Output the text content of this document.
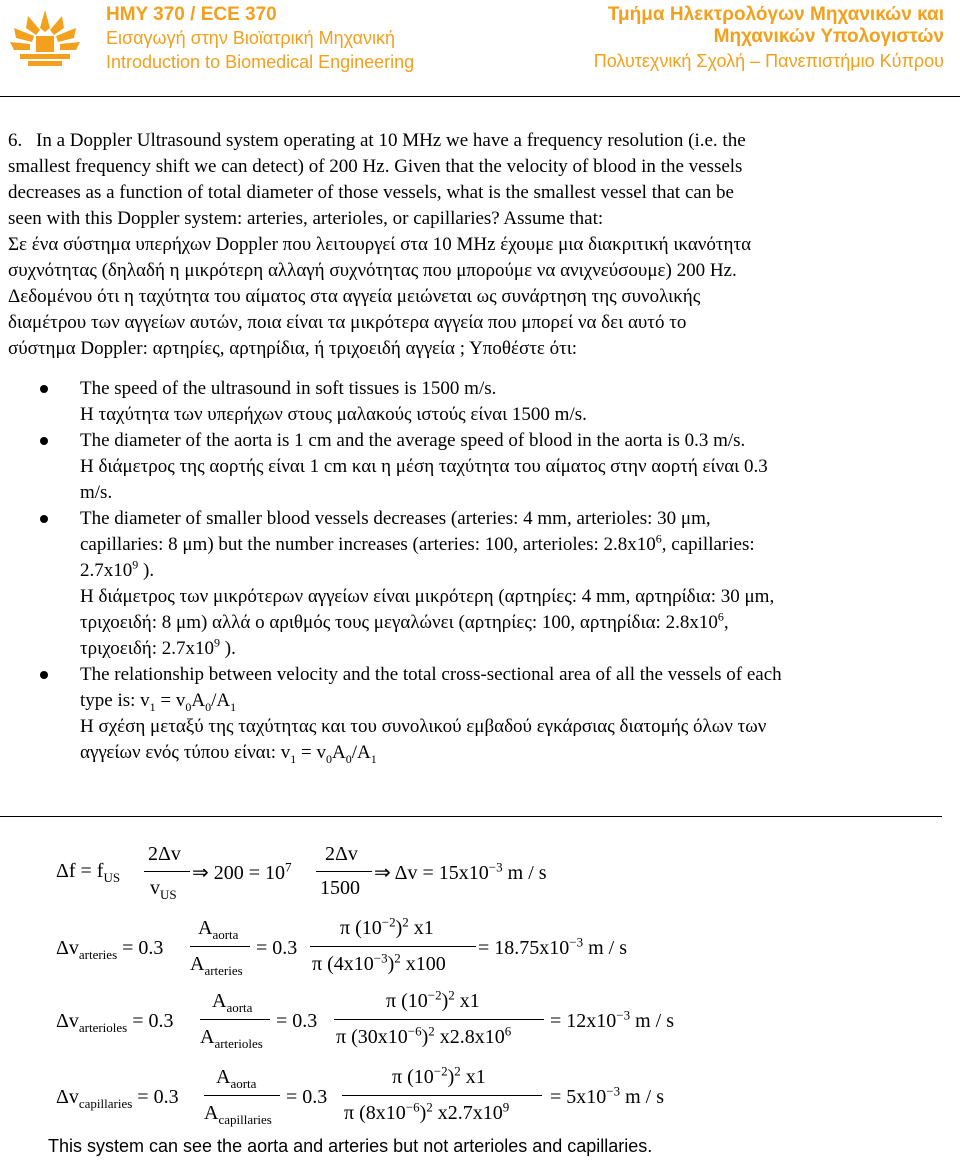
HMY 370 / ECE 370
Εισαγωγή στην Βιοϊατρική Μηχανική
Introduction to Biomedical Engineering
Τμήμα Ηλεκτρολόγων Μηχανικών και
Μηχανικών Υπολογιστών
Πολυτεχνική Σχολή – Πανεπιστήμιο Κύπρου

6. In a Doppler Ultrasound system operating at 10 MHz we have a frequency resolution (i.e. the

smallest frequency shift we can detect) of 200 Hz. Given that the velocity of blood in the vessels

decreases as a function of total diameter of those vessels, what is the smallest vessel that can be

seen with this Doppler system: arteries, arterioles, or capillaries? Assume that:

Σε ένα σύστημα υπερήχων Doppler που λειτουργεί στα 10 MHz έχουμε μια διακριτική ικανότητα

συχνότητας (δηλαδή η μικρότερη αλλαγή συχνότητας που μπορούμε να ανιχνεύσουμε) 200 Hz.

Δεδομένου ότι η ταχύτητα του αίματος στα αγγεία μειώνεται ως συνάρτηση της συνολικής

διαμέτρου των αγγείων αυτών, ποια είναι τα μικρότερα αγγεία που μπορεί να δει αυτό το

σύστημα Doppler: αρτηρίες, αρτηρίδια, ή τριχοειδή αγγεία ; Υποθέστε ότι:

The speed of the ultrasound in soft tissues is 1500 m/s.
Η ταχύτητα των υπερήχων στους μαλακούς ιστούς είναι 1500 m/s.
The diameter of the aorta is 1 cm and the average speed of blood in the aorta is 0.3 m/s.
Η διάμετρος της αορτής είναι 1 cm και η μέση ταχύτητα του αίματος στην αορτή είναι 0.3
m/s.
The diameter of smaller blood vessels decreases (arteries: 4 mm, arterioles: 30 μm,
capillaries: 8 μm) but the number increases (arteries: 100, arterioles: $2.8x10^6$, capillaries:
$2.7x10^9$ ).
Η διάμετρος των μικρότερων αγγείων είναι μικρότερη (αρτηρίες: 4 mm, αρτηρίδια: 30 μm,
τριχοειδή: 8 μm) αλλά ο αριθμός τους μεγαλώνει (αρτηρίες: 100, αρτηρίδια: $2.8x10^6$,
τριχοειδή: $2.7x10^9$ ).
The relationship between velocity and the total cross-sectional area of all the vessels of each
type is: $v_1 = v_0A_0/A_1$
Η σχέση μεταξύ της ταχύτητας και του συνολικού εμβαδού εγκάρσιας διατομής όλων των
αγγείων ενός τύπου είναι: $v_1 = v_0A_0/A_1$
$\Delta f = f_{US}$
2Δv
$v_{US}$
⇒ $200 = 10^7$
2Δv
1500
⇒ $\Delta v = 15x10^{-3}$ m / s
$\Delta v_{arteries} = 0.3$
$A_{aorta}$
$A_{arteries}$
= 0.3
π $(10^{-2})^2$ x1
π $(4x10^{-3})^2$ x100
= $18.75x10^{-3}$ m / s
$\Delta v_{arterioles} = 0.3$
$A_{aorta}$
$A_{arterioles}$
= 0.3
π $(10^{-2})^2$ x1
π $(30x10^{-6})^2$ $x2.8x10^6 = 12x10^{-3}$ m / s
$\Delta v_{capillaries} = 0.3$
$A_{aorta}$
$A_{capillaries}$
= 0.3
π $(10^{-2})^2$ x1
π $(8x10^{-6})^2$ $x2.7x10^9 = 5x10^{-3}$ m / s
This system can see the aorta and arteries but not arterioles and capillaries.
